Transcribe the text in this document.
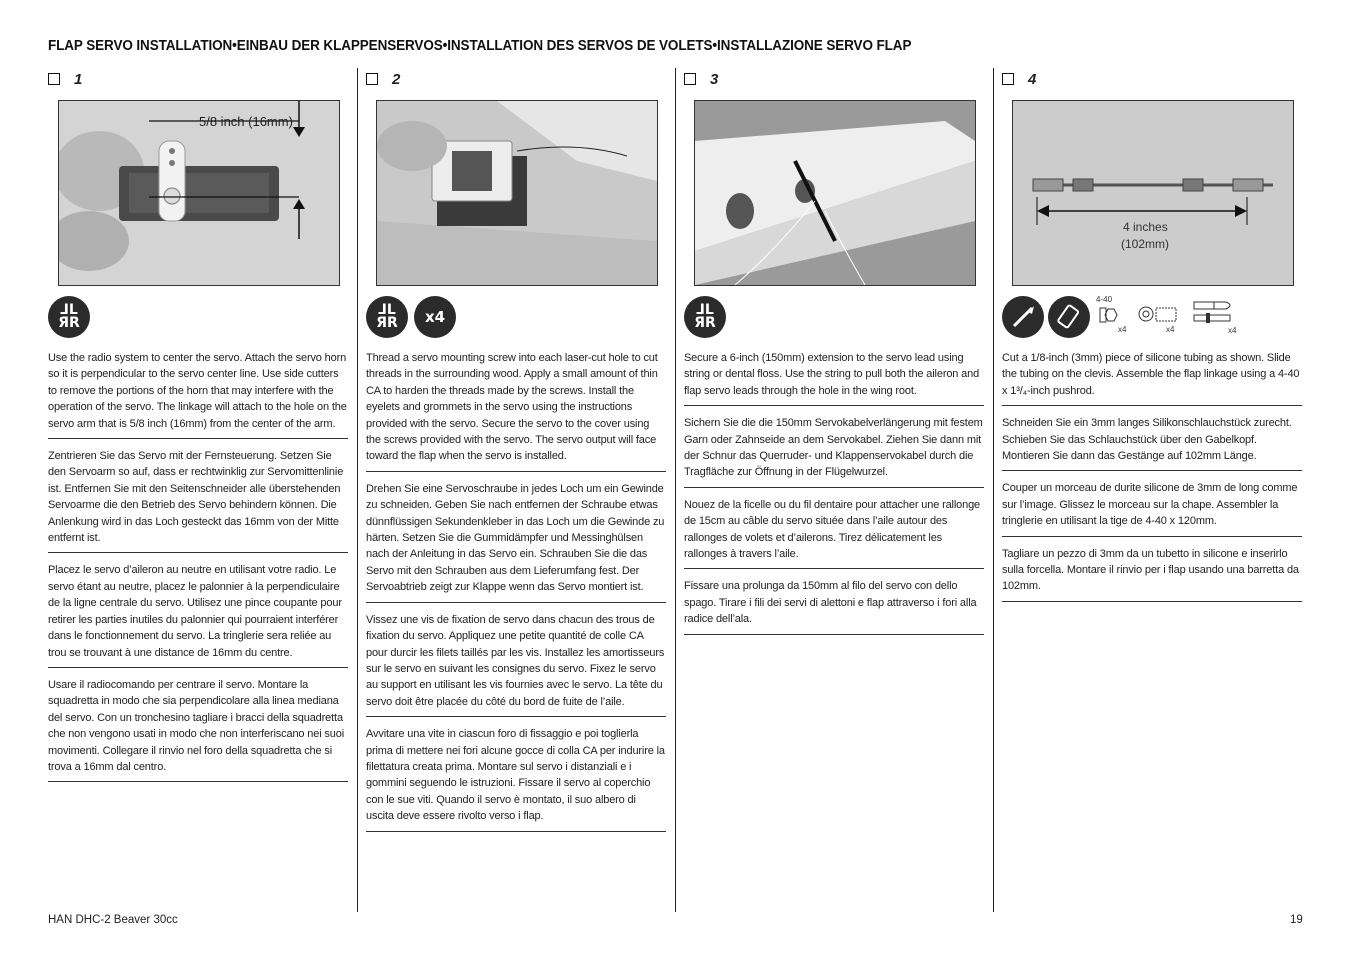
FLAP SERVO INSTALLATION•EINBAU DER KLAPPENSERVOS•INSTALLATION DES SERVOS DE VOLETS•INSTALLAZIONE SERVO FLAP
1
5/8 inch (16mm)
ᒧL
ЯR
Use the radio system to center the servo. Attach the servo horn so it is perpendicular to the servo center line. Use side cutters to remove the portions of the horn that may interfere with the operation of the servo. The linkage will attach to the hole on the servo arm that is 5/8 inch (16mm) from the center of the arm.
Zentrieren Sie das Servo mit der Fernsteuerung. Setzen Sie den Servoarm so auf, dass er rechtwinklig zur Servomittenlinie ist. Entfernen Sie mit den Seitenschneider alle überstehenden Servoarme die den Betrieb des Servo behindern können. Die Anlenkung wird in das Loch gesteckt das 16mm von der Mitte entfernt ist.
Placez le servo d’aileron au neutre en utilisant votre radio. Le servo étant au neutre, placez le palonnier à la perpendiculaire de la ligne centrale du servo. Utilisez une pince coupante pour retirer les parties inutiles du palonnier qui pourraient interférer dans le fonctionnement du servo. La tringlerie sera reliée au trou se trouvant à une distance de 16mm du centre.
Usare il radiocomando per centrare il servo. Montare la squadretta in modo che sia perpendicolare alla linea mediana del servo. Con un tronchesino tagliare i bracci della squadretta che non vengono usati in modo che non interferiscano nei suoi movimenti. Collegare il rinvio nel foro della squadretta che si trova a 16mm dal centro.
2
ᒧL
ЯR	x4
Thread a servo mounting screw into each laser-cut hole to cut threads in the surrounding wood. Apply a small amount of thin CA to harden the threads made by the screws. Install the eyelets and grommets in the servo using the instructions provided with the servo. Secure the servo to the cover using the screws provided with the servo. The servo output will face toward the flap when the servo is installed.
Drehen Sie eine Servoschraube in jedes Loch um ein Gewinde zu schneiden. Geben Sie nach entfernen der Schraube etwas dünnflüssigen Sekundenkleber in das Loch um die Gewinde zu härten. Setzen Sie die Gummidämpfer und Messinghülsen nach der Anleitung in das Servo ein. Schrauben Sie die das Servo mit den Schrauben aus dem Lieferumfang fest. Der Servoabtrieb zeigt zur Klappe wenn das Servo montiert ist.
Vissez une vis de fixation de servo dans chacun des trous de fixation du servo. Appliquez une petite quantité de colle CA pour durcir les filets taillés par les vis. Installez les amortisseurs sur le servo en suivant les consignes du servo. Fixez le servo au support en utilisant les vis fournies avec le servo. La tête du servo doit être placée du côté du bord de fuite de l’aile.
Avvitare una vite in ciascun foro di fissaggio e poi toglierla prima di mettere nei fori alcune gocce di colla CA per indurire la filettatura creata prima. Montare sul servo i distanziali e i gommini seguendo le istruzioni. Fissare il servo al coperchio con le sue viti. Quando il servo è montato, il suo albero di uscita deve essere rivolto verso i flap.
3
ᒧL
ЯR
Secure a 6-inch (150mm) extension to the servo lead using string or dental floss. Use the string to pull both the aileron and flap servo leads through the hole in the wing root.
Sichern Sie die die 150mm Servokabelverlängerung mit festem Garn oder Zahnseide an dem Servokabel. Ziehen Sie dann mit der Schnur das Querruder- und Klappenservokabel durch die Tragfläche zur Öffnung in der Flügelwurzel.
Nouez de la ficelle ou du fil dentaire pour attacher une rallonge de 15cm au câble du servo située dans l’aile autour des rallonges de volets et d’ailerons. Tirez délicatement les rallonges à travers l’aile.
Fissare una prolunga da 150mm al filo del servo con dello spago. Tirare i fili dei servi di alettoni e flap attraverso i fori alla radice dell’ala.
4
4 inches
(102mm)
4-40
x4	x4	x4
Cut a 1/8-inch (3mm) piece of silicone tubing as shown. Slide the tubing on the clevis. Assemble the flap linkage using a 4-40 x 1³/₄-inch pushrod.
Schneiden Sie ein 3mm langes Silikonschlauchstück zurecht. Schieben Sie das Schlauchstück über den Gabelkopf. Montieren Sie dann das Gestänge auf 102mm Länge.
Couper un morceau de durite silicone de 3mm de long comme sur l’image. Glissez le morceau sur la chape. Assembler la tringlerie en utilisant la tige de 4-40 x 120mm.
Tagliare un pezzo di 3mm da un tubetto in silicone e inserirlo sulla forcella. Montare il rinvio per i flap usando una barretta da 102mm.
HAN DHC-2 Beaver 30cc	19
